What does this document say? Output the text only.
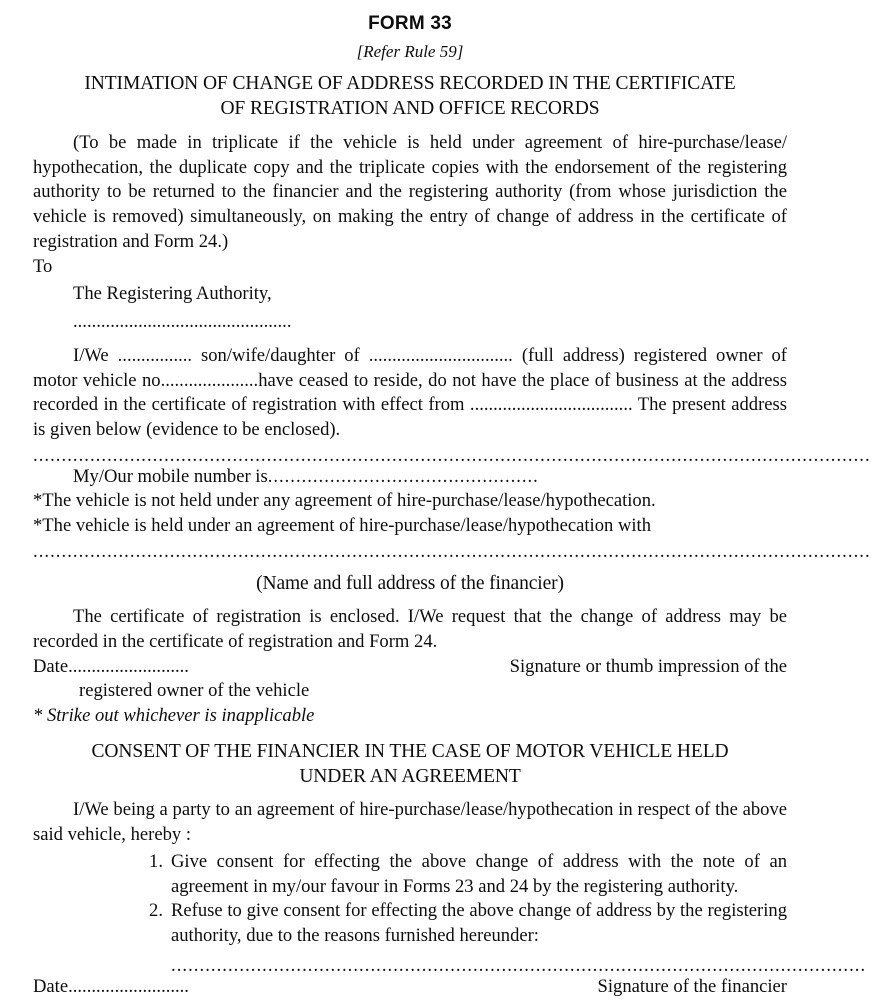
FORM 33
[Refer Rule 59]
INTIMATION OF CHANGE OF ADDRESS RECORDED IN THE CERTIFICATE
OF REGISTRATION AND OFFICE RECORDS

(To be made in triplicate if the vehicle is held under agreement of hire-purchase/lease/ hypothecation, the duplicate copy and the triplicate copies with the endorsement of the registering authority to be returned to the financier and the registering authority (from whose jurisdiction the vehicle is removed) simultaneously, on making the entry of change of address in the certificate of registration and Form 24.)

To

The Registering Authority,

...............................................

I/We ................ son/wife/daughter of ............................... (full address) registered owner of motor vehicle no.....................have ceased to reside, do not have the place of business at the address recorded in the certificate of registration with effect from ................................... The present address is given below (evidence to be enclosed).

...................................................................................................................................................

My/Our mobile number is................................................

*The vehicle is not held under any agreement of hire-purchase/lease/hypothecation.

*The vehicle is held under an agreement of hire-purchase/lease/hypothecation with

...................................................................................................................................................
(Name and full address of the financier)

The certificate of registration is enclosed. I/We request that the change of address may be recorded in the certificate of registration and Form 24.

Date..........................	Signature or thumb impression of the

registered owner of the vehicle

* Strike out whichever is inapplicable

CONSENT OF THE FINANCIER IN THE CASE OF MOTOR VEHICLE HELD
UNDER AN AGREEMENT

I/We being a party to an agreement of hire-purchase/lease/hypothecation in respect of the above said vehicle, hereby :

1. Give consent for effecting the above change of address with the note of an agreement in my/our favour in Forms 23 and 24 by the registering authority.
2. Refuse to give consent for effecting the above change of address by the registering authority, due to the reasons furnished hereunder:
..........................................................................................................................
Date..........................	Signature of the financier
